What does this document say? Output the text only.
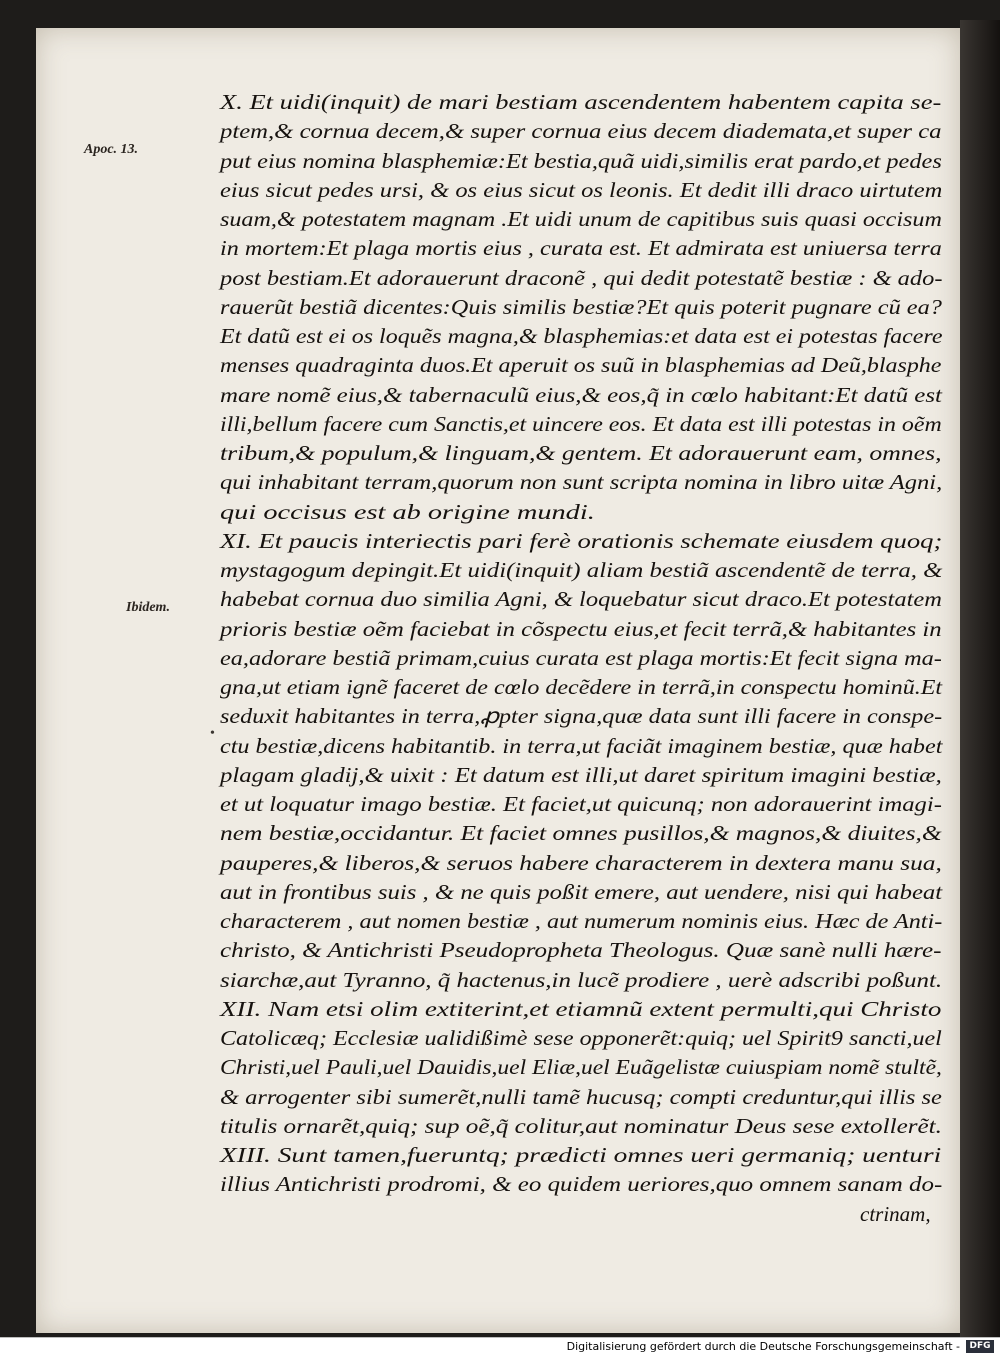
Apoc. 13.
Ibidem.
•
X. Et uidi(inquit) de mari bestiam ascendentem habentem capita se-
ptem,& cornua decem,& super cornua eius decem diademata,et super ca
put eius nomina blasphemiæ:Et bestia,quã uidi,similis erat pardo,et pedes
eius sicut pedes ursi, & os eius sicut os leonis. Et dedit illi draco uirtutem
suam,& potestatem magnam .Et uidi unum de capitibus suis quasi occisum
in mortem:Et plaga mortis eius , curata est. Et admirata est uniuersa terra
post bestiam.Et adorauerunt draconẽ , qui dedit potestatẽ bestiæ : & ado-
rauerũt bestiã dicentes:Quis similis bestiæ?Et quis poterit pugnare cũ ea?
Et datũ est ei os loquẽs magna,& blasphemias:et data est ei potestas facere
menses quadraginta duos.Et aperuit os suũ in blasphemias ad Deũ,blasphe
mare nomẽ eius,& tabernaculũ eius,& eos,q̃ in cœlo habitant:Et datũ est
illi,bellum facere cum Sanctis,et uincere eos. Et data est illi potestas in oẽm
tribum,& populum,& linguam,& gentem. Et adorauerunt eam, omnes,
qui inhabitant terram,quorum non sunt scripta nomina in libro uitæ Agni,
qui occisus est ab origine mundi.
XI. Et paucis interiectis pari ferè orationis schemate eiusdem quoq;
mystagogum depingit.Et uidi(inquit) aliam bestiã ascendentẽ de terra, &
habebat cornua duo similia Agni, & loquebatur sicut draco.Et potestatem
prioris bestiæ oẽm faciebat in cõspectu eius,et fecit terrã,& habitantes in
ea,adorare bestiã primam,cuius curata est plaga mortis:Et fecit signa ma-
gna,ut etiam ignẽ faceret de cœlo decẽdere in terrã,in conspectu hominũ.Et
seduxit habitantes in terra,ꝓpter signa,quæ data sunt illi facere in conspe-
ctu bestiæ,dicens habitantib. in terra,ut faciãt imaginem bestiæ, quæ habet
plagam gladij,& uixit : Et datum est illi,ut daret spiritum imagini bestiæ,
et ut loquatur imago bestiæ. Et faciet,ut quicunq; non adorauerint imagi-
nem bestiæ,occidantur. Et faciet omnes pusillos,& magnos,& diuites,&
pauperes,& liberos,& seruos habere characterem in dextera manu sua,
aut in frontibus suis , & ne quis poßit emere, aut uendere, nisi qui habeat
characterem , aut nomen bestiæ , aut numerum nominis eius. Hæc de Anti-
christo, & Antichristi Pseudopropheta Theologus. Quæ sanè nulli hære-
siarchæ,aut Tyranno, q̃ hactenus,in lucẽ prodiere , uerè adscribi poßunt.
XII. Nam etsi olim extiterint,et etiamnũ extent permulti,qui Christo
Catolicæq; Ecclesiæ ualidißimè sese opponerẽt:quiq; uel Spirit9 sancti,uel
Christi,uel Pauli,uel Dauidis,uel Eliæ,uel Euãgelistæ cuiuspiam nomẽ stultẽ,
& arrogenter sibi sumerẽt,nulli tamẽ hucusq; compti creduntur,qui illis se
titulis ornarẽt,quiq; sup oẽ,q̃ colitur,aut nominatur Deus sese extollerẽt.
XIII. Sunt tamen,fueruntq; prædicti omnes ueri germaniq; uenturi
illius Antichristi prodromi, & eo quidem ueriores,quo omnem sanam do-
ctrinam,
Digitalisierung gefördert durch die Deutsche Forschungsgemeinschaft -	DFG
